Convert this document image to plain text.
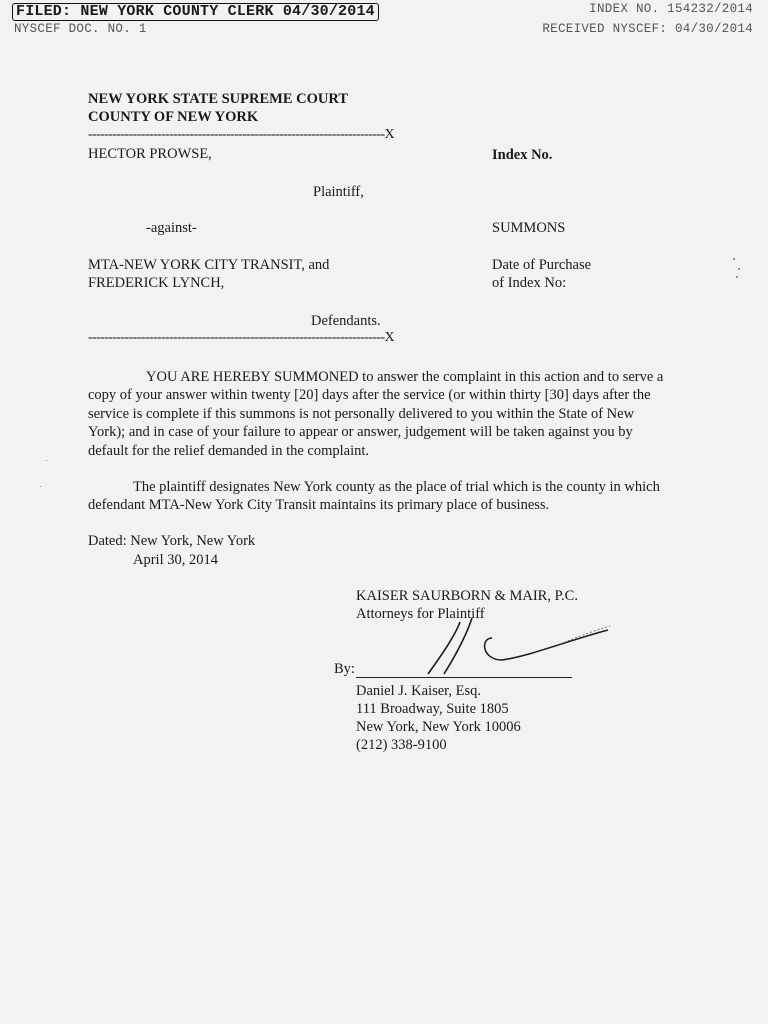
FILED: NEW YORK COUNTY CLERK 04/30/2014
NYSCEF DOC. NO. 1
INDEX NO. 154232/2014
RECEIVED NYSCEF: 04/30/2014
NEW YORK STATE SUPREME COURT
COUNTY OF NEW YORK
-------------------------------------------------------------------------X
HECTOR PROWSE,	Index No.
Plaintiff,
-against-	SUMMONS
MTA-NEW YORK CITY TRANSIT, and
FREDERICK LYNCH,
Date of Purchase
of Index No:
Defendants.
-------------------------------------------------------------------------X
YOU ARE HEREBY SUMMONED to answer the complaint in this action and to serve a copy of your answer within twenty [20] days after the service (or within thirty [30] days after the service is complete if this summons is not personally delivered to you within the State of New York); and in case of your failure to appear or answer, judgement will be taken against you by default for the relief demanded in the complaint.
The plaintiff designates New York county as the place of trial which is the county in which defendant MTA-New York City Transit maintains its primary place of business.
Dated: New York, New York
April 30, 2014
KAISER SAURBORN & MAIR, P.C.
Attorneys for Plaintiff
By:
Daniel J. Kaiser, Esq.
111 Broadway, Suite 1805
New York, New York 10006
(212) 338-9100
